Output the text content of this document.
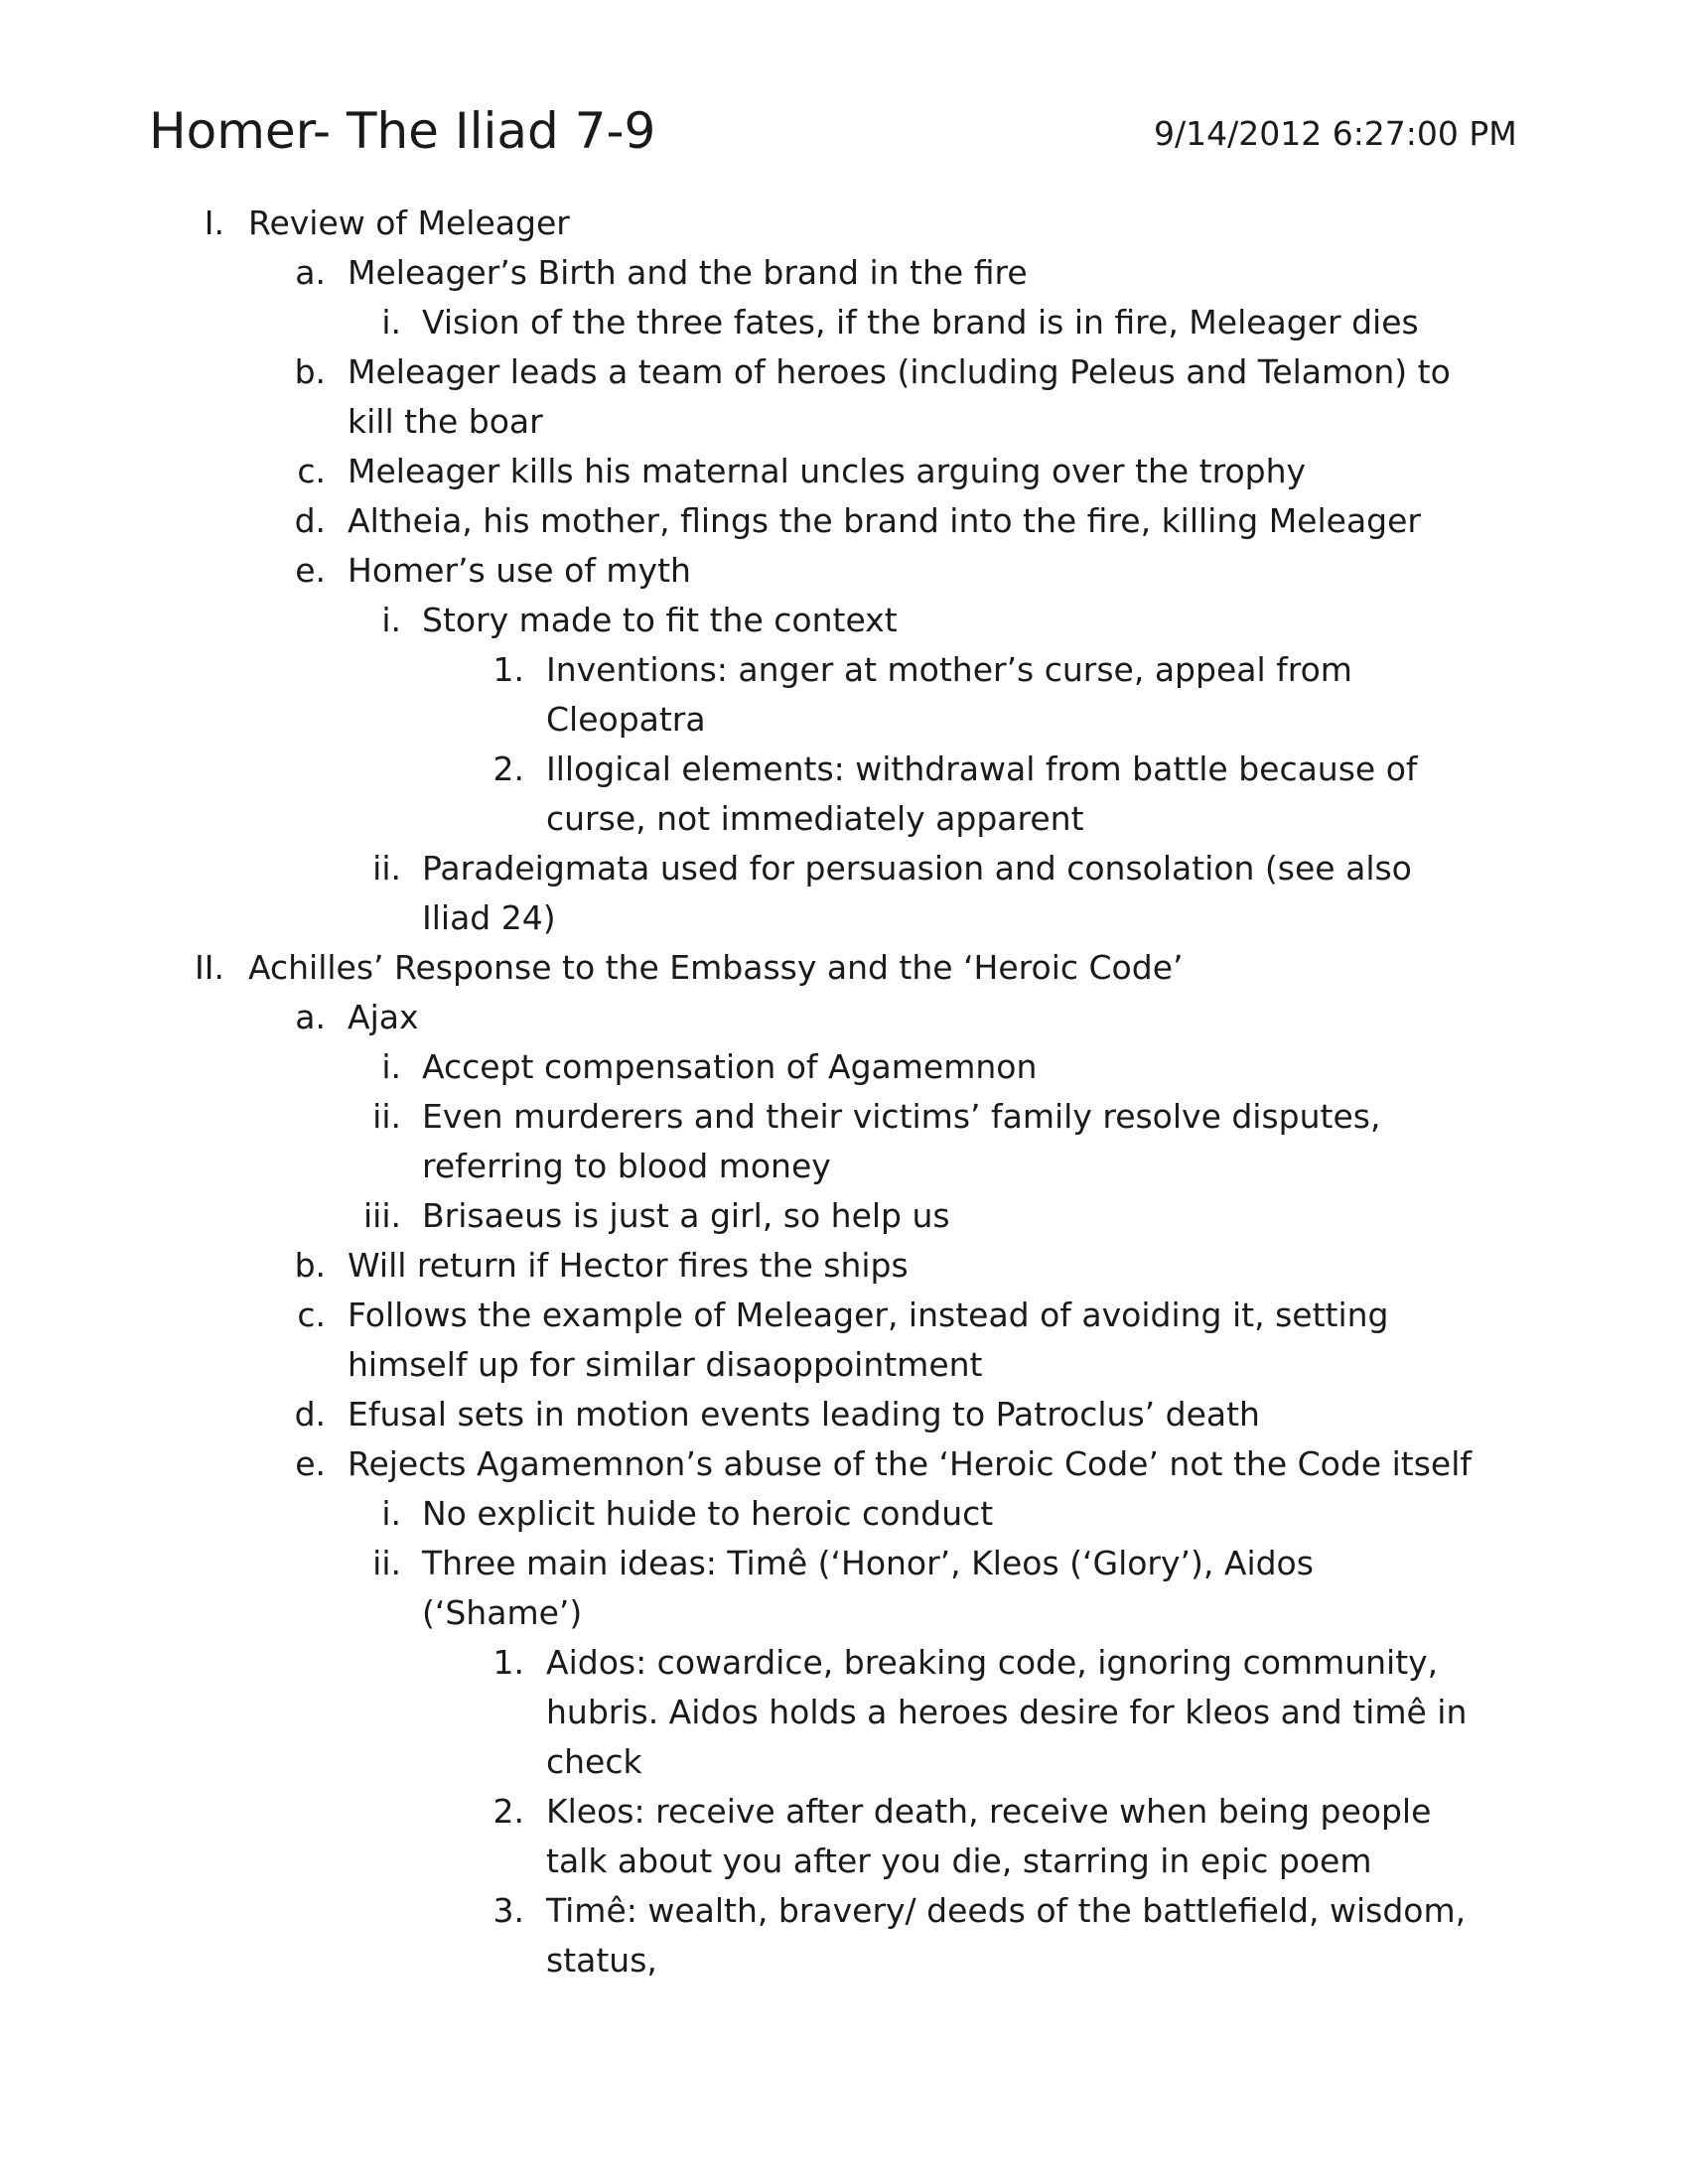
Homer- The Iliad 7-9	9/14/2012 6:27:00 PM
I. Review of Meleager
a. Meleager’s Birth and the brand in the fire
i. Vision of the three fates, if the brand is in fire, Meleager dies
b. Meleager leads a team of heroes (including Peleus and Telamon) to
kill the boar
c. Meleager kills his maternal uncles arguing over the trophy
d. Altheia, his mother, flings the brand into the fire, killing Meleager
e. Homer’s use of myth
i. Story made to fit the context
1. Inventions: anger at mother’s curse, appeal from
Cleopatra
2. Illogical elements: withdrawal from battle because of
curse, not immediately apparent
ii. Paradeigmata used for persuasion and consolation (see also
Iliad 24)
II. Achilles’ Response to the Embassy and the ‘Heroic Code’
a. Ajax
i. Accept compensation of Agamemnon
ii. Even murderers and their victims’ family resolve disputes,
referring to blood money
iii. Brisaeus is just a girl, so help us
b. Will return if Hector fires the ships
c. Follows the example of Meleager, instead of avoiding it, setting
himself up for similar disaoppointment
d. Efusal sets in motion events leading to Patroclus’ death
e. Rejects Agamemnon’s abuse of the ‘Heroic Code’ not the Code itself
i. No explicit huide to heroic conduct
ii. Three main ideas: Timê (‘Honor’, Kleos (‘Glory’), Aidos
(‘Shame’)
1. Aidos: cowardice, breaking code, ignoring community,
hubris. Aidos holds a heroes desire for kleos and timê in
check
2. Kleos: receive after death, receive when being people
talk about you after you die, starring in epic poem
3. Timê: wealth, bravery/ deeds of the battlefield, wisdom,
status,
